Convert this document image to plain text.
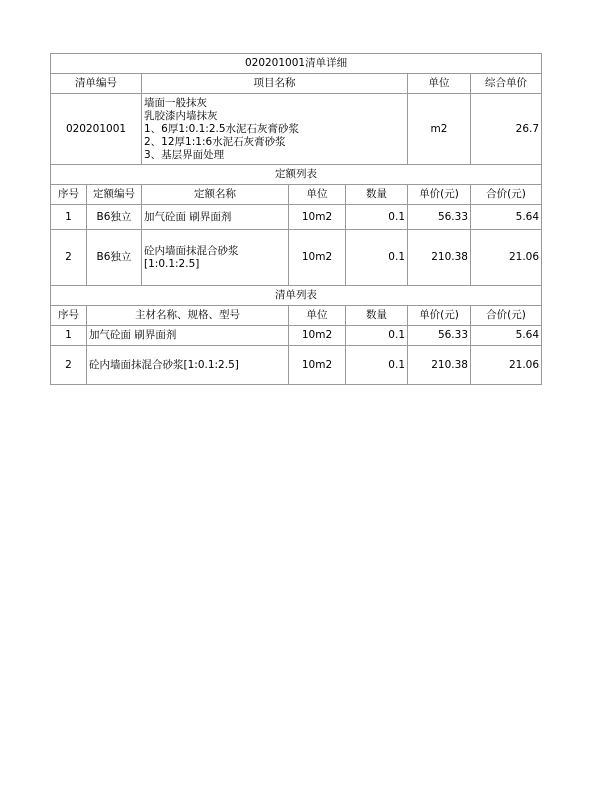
020201001清单详细						
清单编号		项目名称			单位	综合单价
020201001		墙面一般抹灰
乳胶漆内墙抹灰
1、6厚1:0.1:2.5水泥石灰膏砂浆
2、12厚1:1:6水泥石灰膏砂浆
3、基层界面处理			m2	26.7
定额列表						
序号	定额编号	定额名称	单位	数量	单价(元)	合价(元)
1	B6独立	加气砼面 刷界面剂	10m2	0.1	56.33	5.64
2	B6独立	砼内墙面抹混合砂浆
[1:0.1:2.5]	10m2	0.1	210.38	21.06
清单列表						
序号	主材名称、规格、型号		单位	数量	单价(元)	合价(元)
1	加气砼面 刷界面剂		10m2	0.1	56.33	5.64
2	砼内墙面抹混合砂浆[1:0.1:2.5]		10m2	0.1	210.38	21.06
